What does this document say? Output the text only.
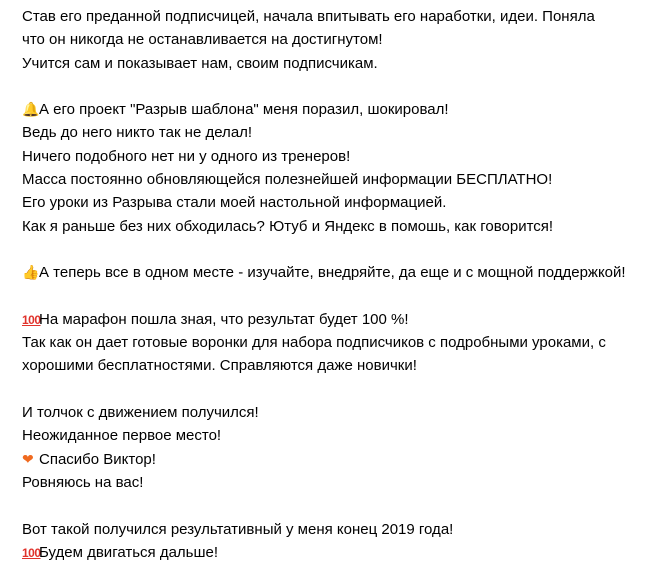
Став его преданной подписчицей, начала впитывать его наработки, идеи. Поняла
что он никогда не останавливается на достигнутом!
Учится сам и показывает нам, своим подписчикам.
🔔А его проект "Разрыв шаблона" меня поразил, шокировал!
Ведь до него никто так не делал!
Ничего подобного нет ни у одного из тренеров!
Масса постоянно обновляющейся полезнейшей информации БЕСПЛАТНО!
Его уроки из Разрыва стали моей настольной информацией.
Как я раньше без них обходилась? Ютуб и Яндекс в помошь, как говорится!
👍А теперь все в одном месте - изучайте, внедряйте, да еще и с мощной поддержкой!
100На марафон пошла зная, что результат будет 100 %!
Так как он дает готовые воронки для набора подписчиков с подробными уроками, с
хорошими бесплатностями. Справляются даже новички!
И толчок с движением получился!
Неожиданное первое место!
❤ Спасибо Виктор!
Ровняюсь на вас!
Вот такой получился результативный у меня конец 2019 года!
100Будем двигаться дальше!
